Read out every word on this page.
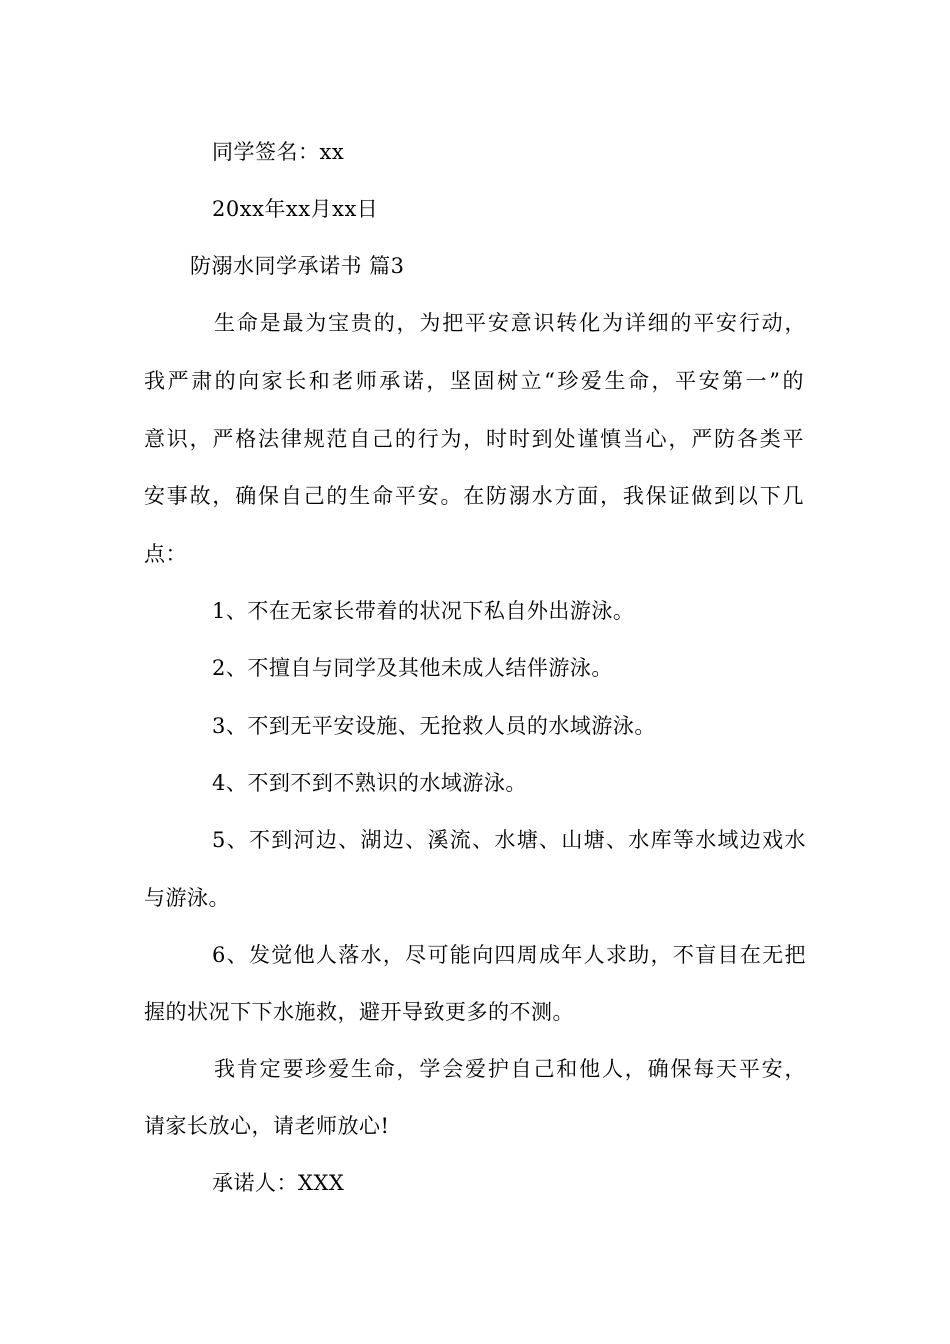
同学签名：xx
20xx年xx月xx日
防溺水同学承诺书 篇3
生命是最为宝贵的，为把平安意识转化为详细的平安行动，
我严肃的向家长和老师承诺，坚固树立“珍爱生命，平安第一”的
意识，严格法律规范自己的行为，时时到处谨慎当心，严防各类平
安事故，确保自己的生命平安。在防溺水方面，我保证做到以下几
点：
1、不在无家长带着的状况下私自外出游泳。
2、不擅自与同学及其他未成人结伴游泳。
3、不到无平安设施、无抢救人员的水域游泳。
4、不到不到不熟识的水域游泳。
5、不到河边、湖边、溪流、水塘、山塘、水库等水域边戏水
与游泳。
6、发觉他人落水，尽可能向四周成年人求助，不盲目在无把
握的状况下下水施救，避开导致更多的不测。
我肯定要珍爱生命，学会爱护自己和他人，确保每天平安，
请家长放心，请老师放心!
承诺人：XXX
